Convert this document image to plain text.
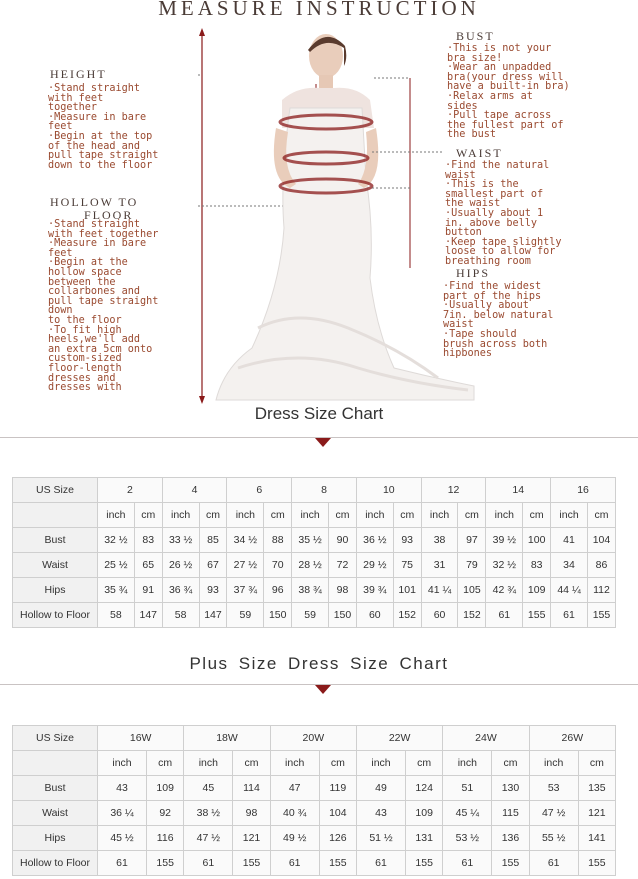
MEASURE INSTRUCTION
HEIGHT
·Stand straight
with feet
together
·Measure in bare
feet
·Begin at the top
of the head and
pull tape straight
down to the floor
HOLLOW TO
FLOOR
·Stand straight
with feet together
·Measure in bare
feet
·Begin at the
hollow space
between the
collarbones and
pull tape straight
down
to the floor
·To fit high
heels,we'll add
an extra 5cm onto
custom-sized
floor-length
dresses and
dresses with
BUST
·This is not your
bra size!
·Wear an unpadded
bra(your dress will
have a built-in bra)
·Relax arms at
sides
·Pull tape across
the fullest part of
the bust
WAIST
·Find the natural
waist
·This is the
smallest part of
the waist
·Usually about 1
in. above belly
button
·Keep tape slightly
loose to allow for
breathing room
HIPS
·Find the widest
part of the hips
·Usually about
7in. below natural
waist
·Tape should
brush across both
hipbones
Dress Size Chart
US Size	2		4		6		8		10		12		14		16	
	inch	cm	inch	cm	inch	cm	inch	cm	inch	cm	inch	cm	inch	cm	inch	cm
Bust	32 ½	83	33 ½	85	34 ½	88	35 ½	90	36 ½	93	38	97	39 ½	100	41	104
Waist	25 ½	65	26 ½	67	27 ½	70	28 ½	72	29 ½	75	31	79	32 ½	83	34	86
Hips	35 ¾	91	36 ¾	93	37 ¾	96	38 ¾	98	39 ¾	101	41 ¼	105	42 ¾	109	44 ¼	112
Hollow to Floor	58	147	58	147	59	150	59	150	60	152	60	152	61	155	61	155
Plus Size Dress Size Chart
US Size	16W		18W		20W		22W		24W		26W	
	inch	cm	inch	cm	inch	cm	inch	cm	inch	cm	inch	cm
Bust	43	109	45	114	47	119	49	124	51	130	53	135
Waist	36 ¼	92	38 ½	98	40 ¾	104	43	109	45 ¼	115	47 ½	121
Hips	45 ½	116	47 ½	121	49 ½	126	51 ½	131	53 ½	136	55 ½	141
Hollow to Floor	61	155	61	155	61	155	61	155	61	155	61	155
